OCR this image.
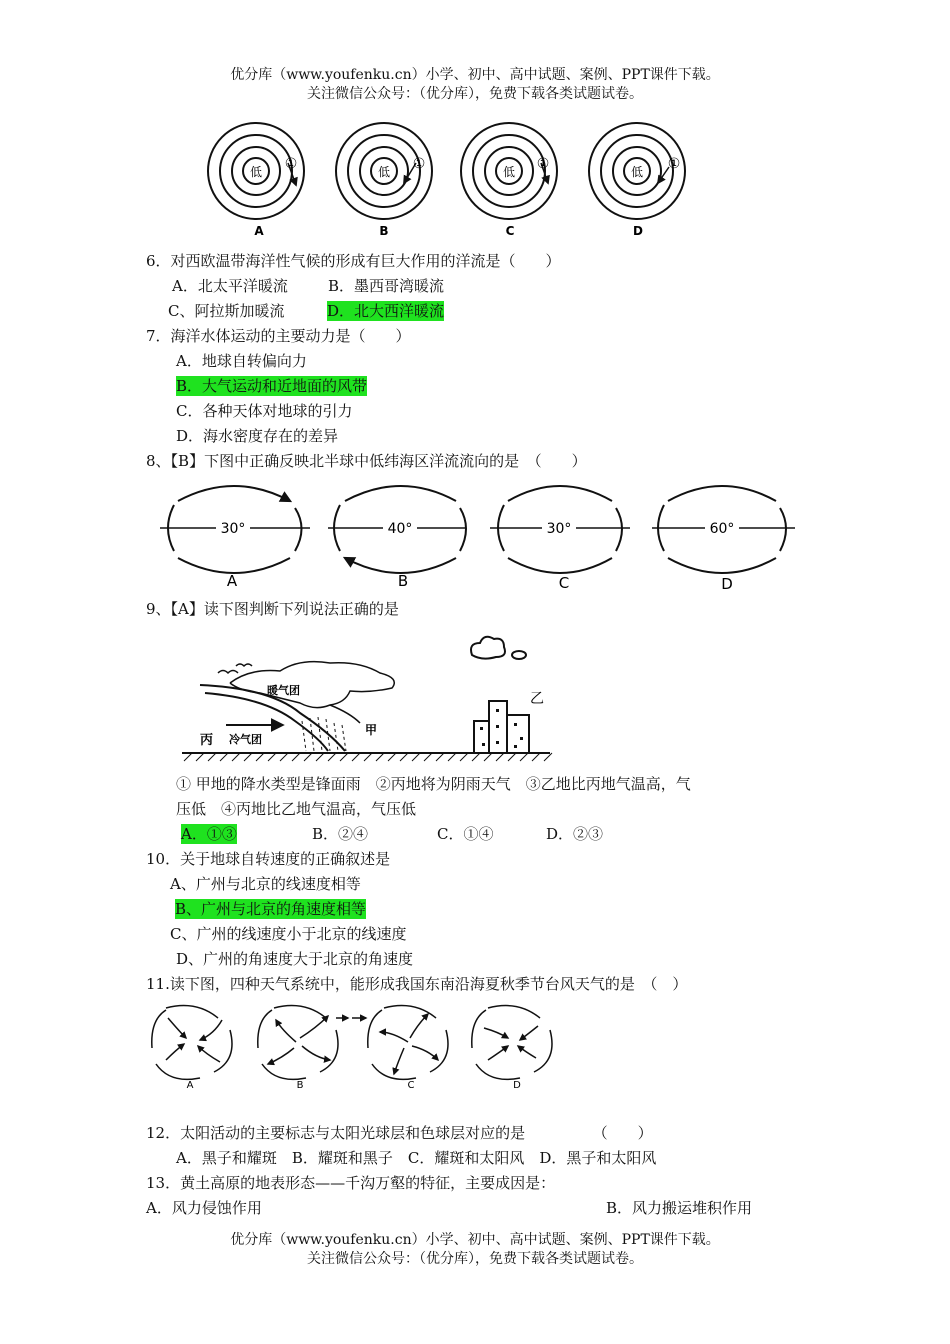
优分库（www.youfenku.cn）小学、初中、高中试题、案例、PPT课件下载。
关注微信公众号：（优分库），免费下载各类试题试卷。
低	低	低	低
①	①	①	①
A	B	C	D
6．对西欧温带海洋性气候的形成有巨大作用的洋流是（　　）
A．北太平洋暖流	B．墨西哥湾暖流
C、阿拉斯加暖流	D．北大西洋暖流
7．海洋水体运动的主要动力是（　　）
A．地球自转偏向力
B．大气运动和近地面的风带
C．各种天体对地球的引力
D．海水密度存在的差异
8、【B】下图中正确反映北半球中低纬海区洋流流向的是　（　　）
30°	40°	30°	60°
A	B	C	D
9、【A】读下图判断下列说法正确的是
暖气团
冷气团
丙
甲
乙
① 甲地的降水类型是锋面雨　②丙地将为阴雨天气　③乙地比丙地气温高，气
压低　④丙地比乙地气温高，气压低
A．①③	B．②④	C．①④	D．②③
10．关于地球自转速度的正确叙述是
A、广州与北京的线速度相等
B、广州与北京的角速度相等
C、广州的线速度小于北京的线速度
D、广州的角速度大于北京的角速度
11.读下图，四种天气系统中，能形成我国东南沿海夏秋季节台风天气的是　（　）
A	B	C	D
12．太阳活动的主要标志与太阳光球层和色球层对应的是　　　　　（　　）
A．黑子和耀斑　B．耀斑和黑子　C．耀斑和太阳风　D．黑子和太阳风
13．黄土高原的地表形态——千沟万壑的特征，主要成因是：
A．风力侵蚀作用	B．风力搬运堆积作用
优分库（www.youfenku.cn）小学、初中、高中试题、案例、PPT课件下载。
关注微信公众号：（优分库），免费下载各类试题试卷。
